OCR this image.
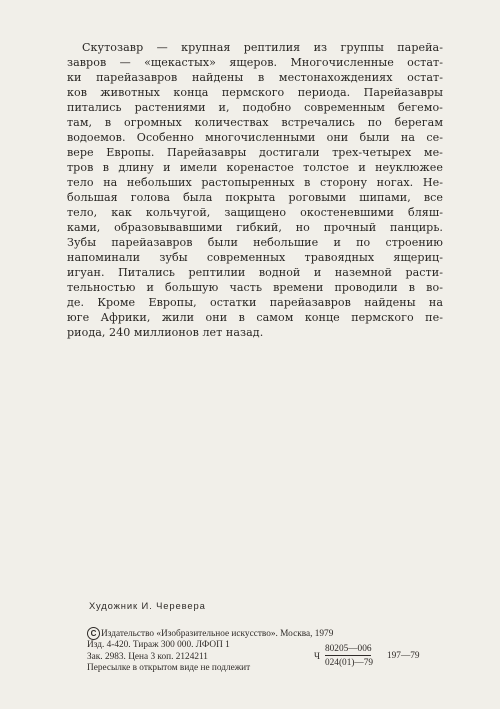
Скутозавр — крупная рептилия из группы парейа-
завров — «щекастых» ящеров. Многочисленные остат-
ки парейазавров найдены в местонахождениях остат-
ков животных конца пермского периода. Парейазавры
питались растениями и, подобно современным бегемо-
там, в огромных количествах встречались по берегам
водоемов. Особенно многочисленными они были на се-
вере Европы. Парейазавры достигали трех-четырех ме-
тров в длину и имели коренастое толстое и неуклюжее
тело на небольших растопыренных в сторону ногах. Не-
большая голова была покрыта роговыми шипами, все
тело, как кольчугой, защищено окостеневшими бляш-
ками, образовывавшими гибкий, но прочный панцирь.
Зубы парейазавров были небольшие и по строению
напоминали зубы современных травоядных ящериц-
игуан. Питались рептилии водной и наземной расти-
тельностью и большую часть времени проводили в во-
де. Кроме Европы, остатки парейазавров найдены на
юге Африки, жили они в самом конце пермского пе-
риода, 240 миллионов лет назад.
Художник И. Черевера
C Издательство «Изобразительное искусство». Москва, 1979
Изд. 4-420. Тираж 300 000. ЛФОП 1
Зак. 2983. Цена 3 коп. 2124211
Пересылке в открытом виде не подлежит
Ч
80205—006
197—79
024(01)—79
